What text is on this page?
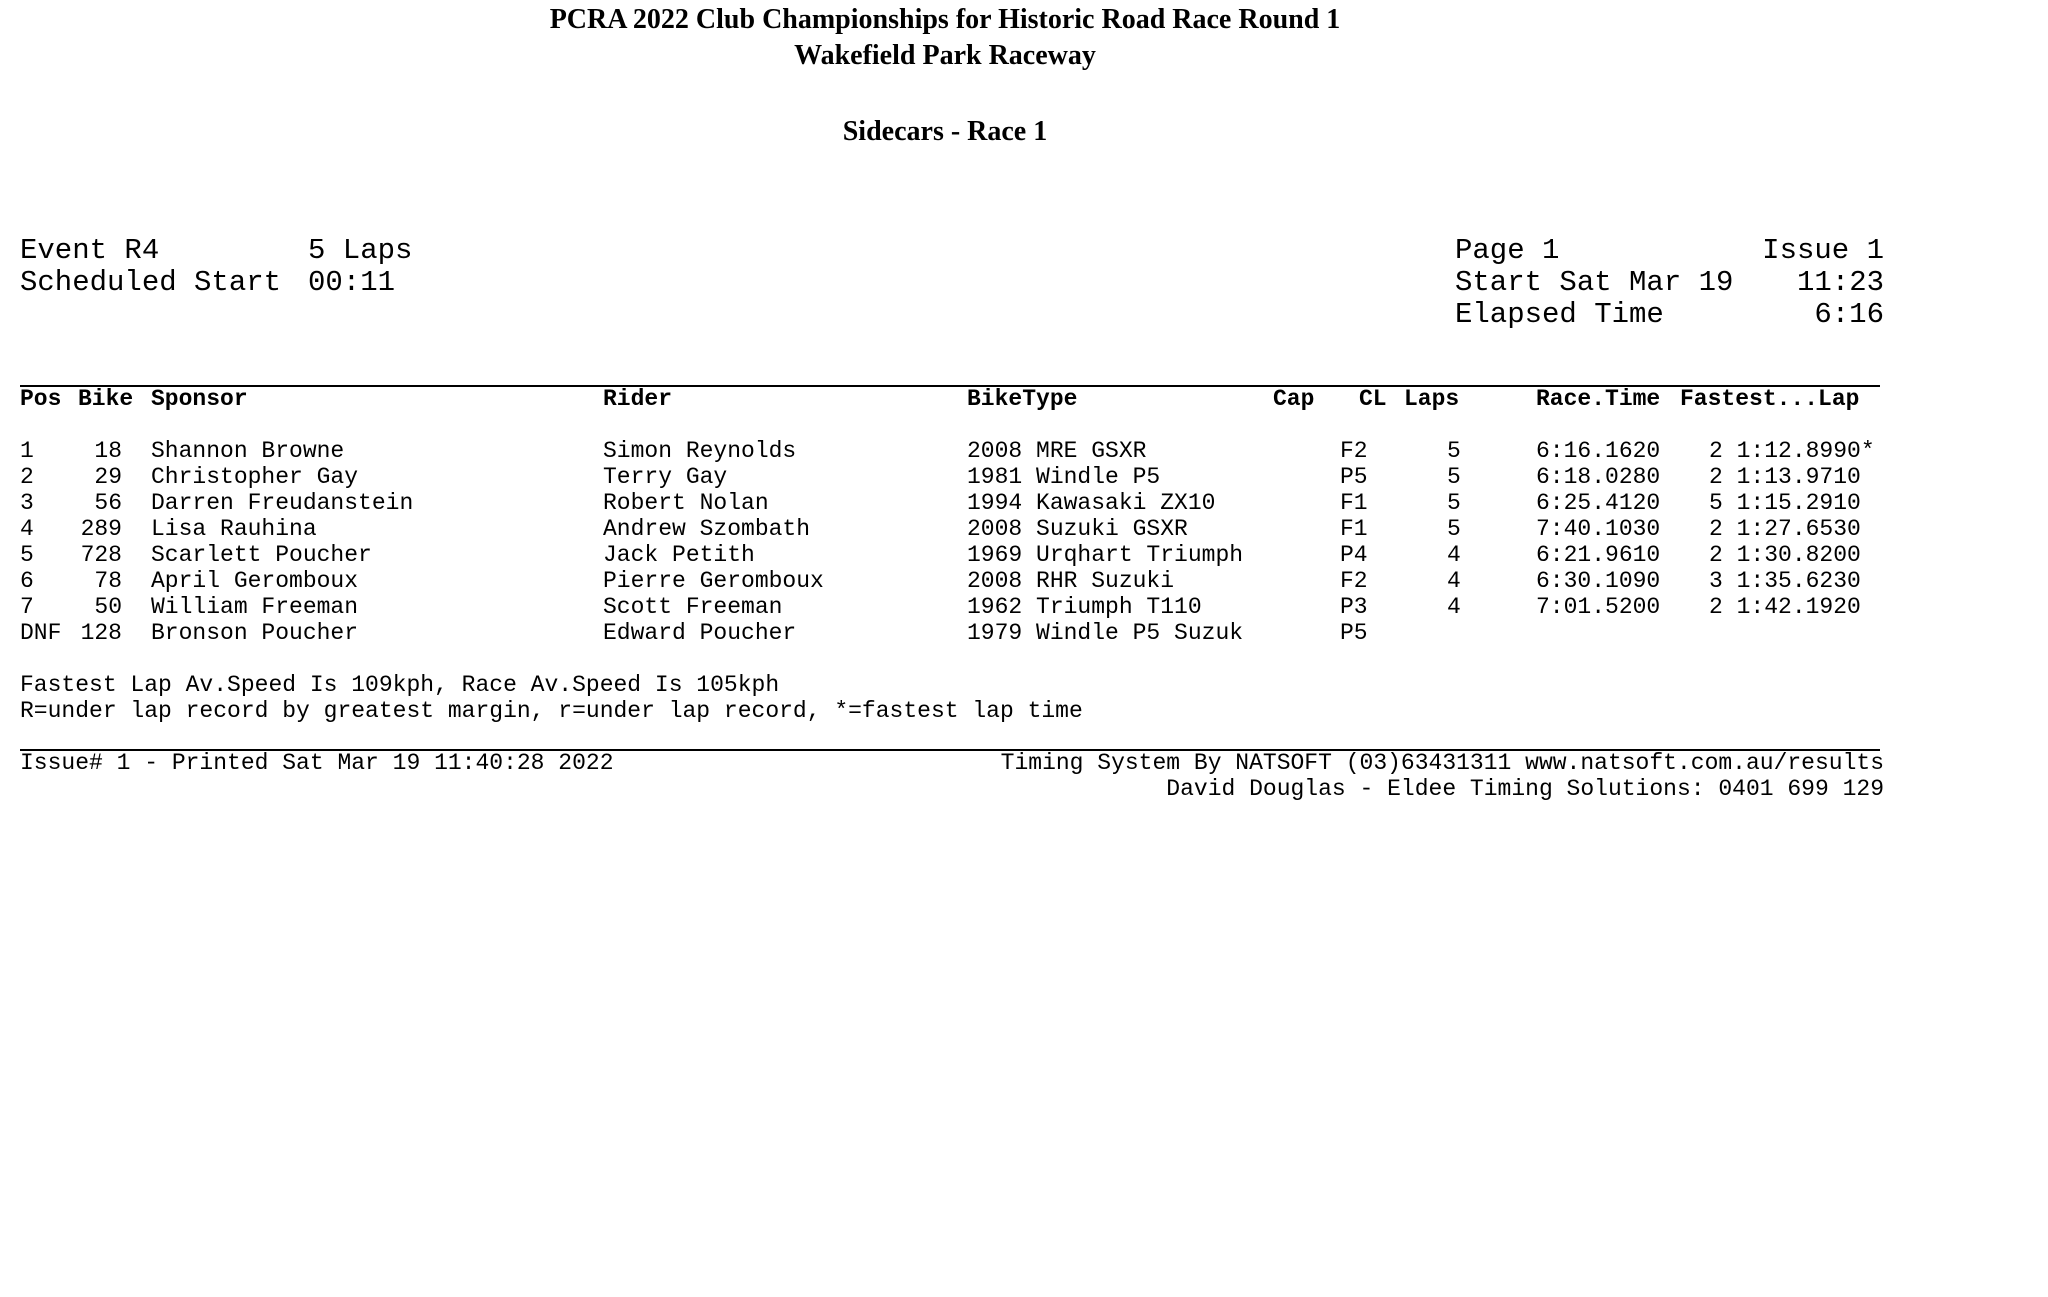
PCRA 2022 Club Championships for Historic Road Race Round 1
Wakefield Park Raceway
Sidecars - Race 1
Event R4	5 Laps
Scheduled Start 00:11
Page 1	Issue 1
Start Sat Mar 19	11:23
Elapsed Time	6:16
Pos Bike Sponsor	Rider	BikeType	Cap CL Laps	Race.Time Fastest...Lap
1	18 Shannon Browne	Simon Reynolds	2008 MRE GSXR	F2	5	6:16.1620 2 1:12.8990*
2	29 Christopher Gay	Terry Gay	1981 Windle P5	P5	5	6:18.0280 2 1:13.9710
3	56 Darren Freudanstein	Robert Nolan	1994 Kawasaki ZX10	F1	5	6:25.4120 5 1:15.2910
4	289 Lisa Rauhina	Andrew Szombath	2008 Suzuki GSXR	F1	5	7:40.1030 2 1:27.6530
5	728 Scarlett Poucher	Jack Petith	1969 Urqhart Triumph	P4	4	6:21.9610 2 1:30.8200
6	78 April Geromboux	Pierre Geromboux	2008 RHR Suzuki	F2	4	6:30.1090 3 1:35.6230
7	50 William Freeman	Scott Freeman	1962 Triumph T110	P3	4	7:01.5200 2 1:42.1920
DNF 128 Bronson Poucher	Edward Poucher	1979 Windle P5 Suzuk	P5
Fastest Lap Av.Speed Is 109kph, Race Av.Speed Is 105kph
R=under lap record by greatest margin, r=under lap record, *=fastest lap time
Issue# 1 - Printed Sat Mar 19 11:40:28 2022	Timing System By NATSOFT (03)63431311 www.natsoft.com.au/results
David Douglas - Eldee Timing Solutions: 0401 699 129
